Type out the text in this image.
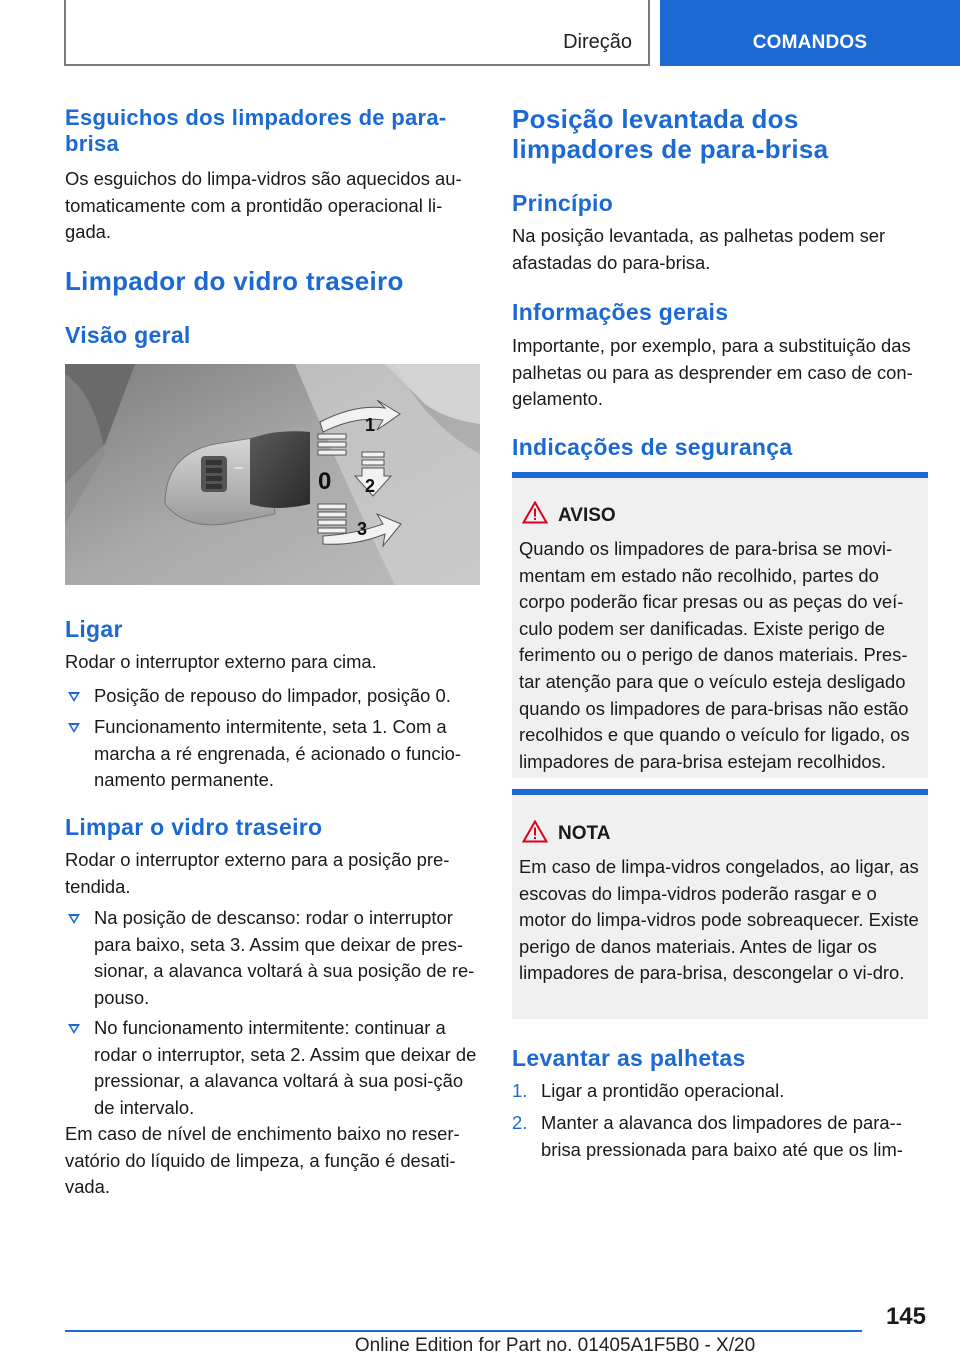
Direção	COMANDOS
Esguichos dos limpadores de para-brisa
Os esguichos do limpa-vidros são aquecidos au-tomaticamente com a prontidão operacional li-gada.
Limpador do vidro traseiro
Visão geral
1
0 2
3
Ligar
Rodar o interruptor externo para cima.
Posição de repouso do limpador, posição 0.
Funcionamento intermitente, seta 1. Com a marcha a ré engrenada, é acionado o funcio-namento permanente.
Limpar o vidro traseiro
Rodar o interruptor externo para a posição pre-tendida.
Na posição de descanso: rodar o interruptor para baixo, seta 3. Assim que deixar de pres-sionar, a alavanca voltará à sua posição de re-pouso.
No funcionamento intermitente: continuar a rodar o interruptor, seta 2. Assim que deixar de pressionar, a alavanca voltará à sua posi-ção de intervalo.
Em caso de nível de enchimento baixo no reser-vatório do líquido de limpeza, a função é desati-vada.
Posição levantada dos limpadores de para-brisa
Princípio
Na posição levantada, as palhetas podem ser afastadas do para-brisa.
Informações gerais
Importante, por exemplo, para a substituição das palhetas ou para as desprender em caso de con-gelamento.
Indicações de segurança
AVISO
Quando os limpadores de para-brisa se movi-mentam em estado não recolhido, partes do corpo poderão ficar presas ou as peças do veí-culo podem ser danificadas. Existe perigo de ferimento ou o perigo de danos materiais. Pres-tar atenção para que o veículo esteja desligado quando os limpadores de para-brisas não estão recolhidos e que quando o veículo for ligado, os limpadores de para-brisa estejam recolhidos.
NOTA
Em caso de limpa-vidros congelados, ao ligar, as escovas do limpa-vidros poderão rasgar e o motor do limpa-vidros pode sobreaquecer. Existe perigo de danos materiais. Antes de ligar os limpadores de para-brisa, descongelar o vi-dro.
Levantar as palhetas
1. Ligar a prontidão operacional.
2. Manter a alavanca dos limpadores de para--brisa pressionada para baixo até que os lim-
145
Online Edition for Part no. 01405A1F5B0 - X/20
